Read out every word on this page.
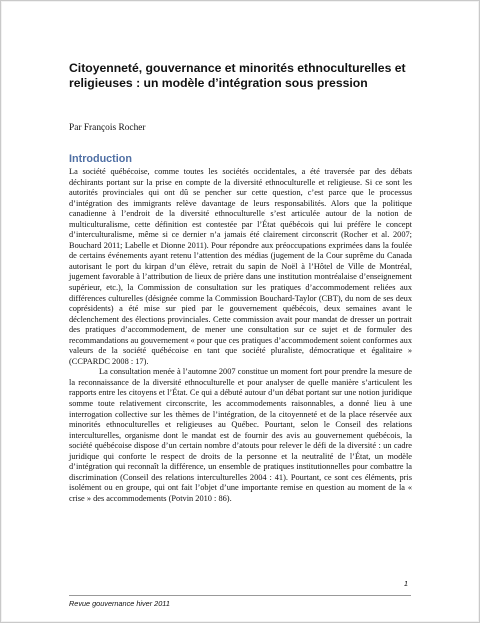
Citoyenneté, gouvernance et minorités ethnoculturelles et religieuses : un modèle d’intégration sous pression

Par François Rocher

Introduction

La société québécoise, comme toutes les sociétés occidentales, a été traversée par des débats déchirants portant sur la prise en compte de la diversité ethnoculturelle et religieuse. Si ce sont les autorités provinciales qui ont dû se pencher sur cette question, c’est parce que le processus d’intégration des immigrants relève davantage de leurs responsabilités. Alors que la politique canadienne à l’endroit de la diversité ethnoculturelle s’est articulée autour de la notion de multiculturalisme, cette définition est contestée par l’État québécois qui lui préfère le concept d’interculturalisme, même si ce dernier n’a jamais été clairement circonscrit (Rocher et al. 2007; Bouchard 2011; Labelle et Dionne 2011). Pour répondre aux préoccupations exprimées dans la foulée de certains événements ayant retenu l’attention des médias (jugement de la Cour suprême du Canada autorisant le port du kirpan d’un élève, retrait du sapin de Noël à l’Hôtel de Ville de Montréal, jugement favorable à l’attribution de lieux de prière dans une institution montréalaise d’enseignement supérieur, etc.), la Commission de consultation sur les pratiques d’accommodement reliées aux différences culturelles (désignée comme la Commission Bouchard-Taylor (CBT), du nom de ses deux coprésidents) a été mise sur pied par le gouvernement québécois, deux semaines avant le déclenchement des élections provinciales. Cette commission avait pour mandat de dresser un portrait des pratiques d’accommodement, de mener une consultation sur ce sujet et de formuler des recommandations au gouvernement « pour que ces pratiques d’accommodement soient conformes aux valeurs de la société québécoise en tant que société pluraliste, démocratique et égalitaire » (CCPARDC 2008 : 17).

La consultation menée à l’automne 2007 constitue un moment fort pour prendre la mesure de la reconnaissance de la diversité ethnoculturelle et pour analyser de quelle manière s’articulent les rapports entre les citoyens et l’État. Ce qui a débuté autour d’un débat portant sur une notion juridique somme toute relativement circonscrite, les accommodements raisonnables, a donné lieu à une interrogation collective sur les thèmes de l’intégration, de la citoyenneté et de la place réservée aux minorités ethnoculturelles et religieuses au Québec. Pourtant, selon le Conseil des relations interculturelles, organisme dont le mandat est de fournir des avis au gouvernement québécois, la société québécoise dispose d’un certain nombre d’atouts pour relever le défi de la diversité : un cadre juridique qui conforte le respect de droits de la personne et la neutralité de l’État, un modèle d’intégration qui reconnaît la différence, un ensemble de pratiques institutionnelles pour combattre la discrimination (Conseil des relations interculturelles 2004 : 41). Pourtant, ce sont ces éléments, pris isolément ou en groupe, qui ont fait l’objet d’une importante remise en question au moment de la « crise » des accommodements (Potvin 2010 : 86).

1

Revue gouvernance hiver 2011
